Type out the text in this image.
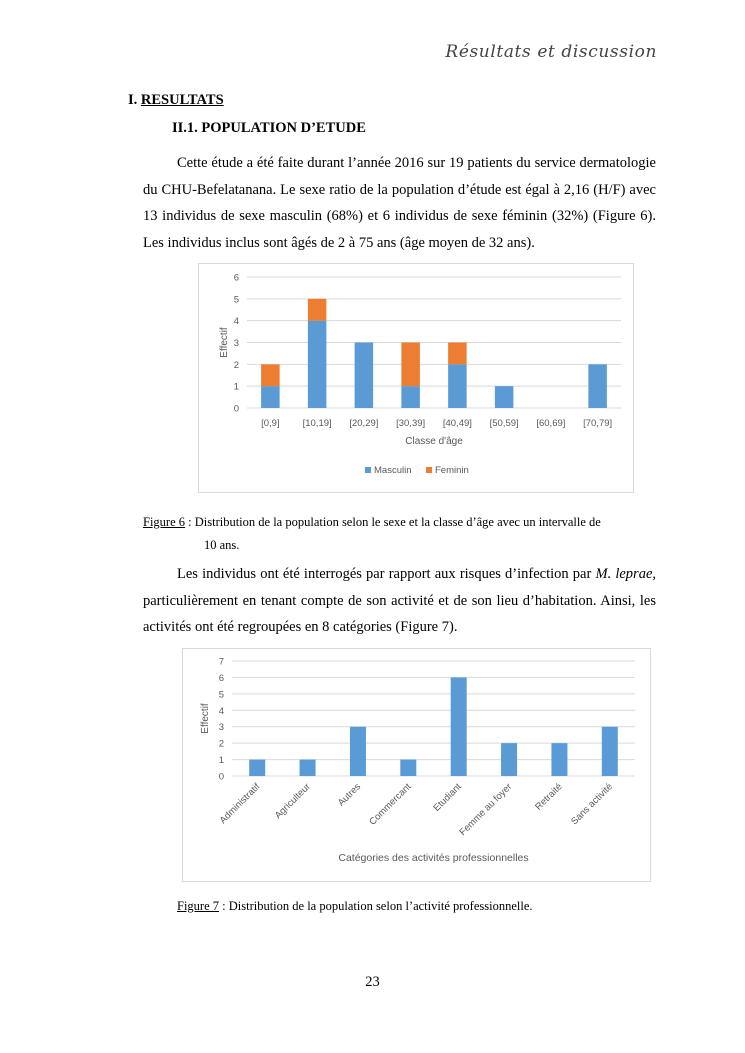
Résultats et discussion
I. RESULTATS
II.1. POPULATION D’ETUDE

Cette étude a été faite durant l’année 2016 sur 19 patients du service dermatologie du CHU-Befelatanana. Le sexe ratio de la population d’étude est égal à 2,16 (H/F) avec 13 individus de sexe masculin (68%) et 6 individus de sexe féminin (32%) (Figure 6). Les individus inclus sont âgés de 2 à 75 ans (âge moyen de 32 ans).

0
1
2
3
4
5
6
[0,9] [10,19] [20,29] [30,39] [40,49] [50,59] [60,69] [70,79]
Classe d'âge
Effectif
Masculin Feminin
Figure 6 : Distribution de la population selon le sexe et la classe d’âge avec un intervalle de
10 ans.

Les individus ont été interrogés par rapport aux risques d’infection par M. leprae, particulièrement en tenant compte de son activité et de son lieu d’habitation. Ainsi, les activités ont été regroupées en 8 catégories (Figure 7).

0
1
2
3
4
5
6
7
Administratif Agriculteur Autres Commercant Etudiant
Femme au foyer Retraité Sans activité
Catégories des activités professionnelles
Effectif
Figure 7 : Distribution de la population selon l’activité professionnelle.
23
